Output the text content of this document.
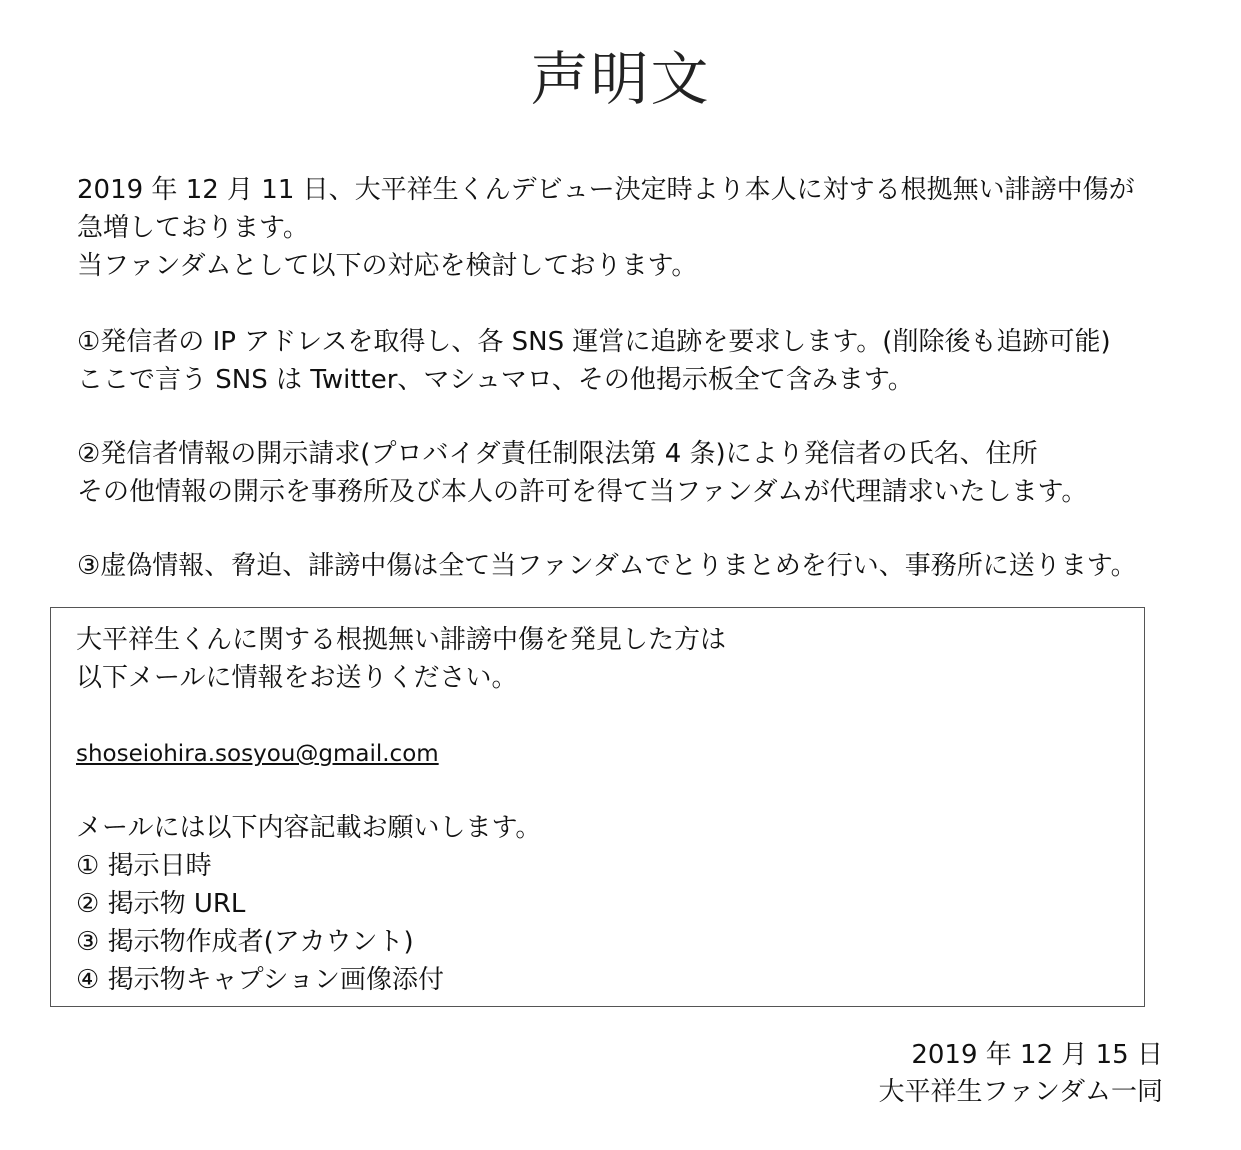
声明文
2019 年 12 月 11 日、大平祥生くんデビュー決定時より本人に対する根拠無い誹謗中傷が
急増しております。
当ファンダムとして以下の対応を検討しております。
①発信者の IP アドレスを取得し、各 SNS 運営に追跡を要求します。(削除後も追跡可能)
ここで言う SNS は Twitter、マシュマロ、その他掲示板全て含みます。
②発信者情報の開示請求(プロバイダ責任制限法第 4 条)により発信者の氏名、住所
その他情報の開示を事務所及び本人の許可を得て当ファンダムが代理請求いたします。
③虚偽情報、脅迫、誹謗中傷は全て当ファンダムでとりまとめを行い、事務所に送ります。
大平祥生くんに関する根拠無い誹謗中傷を発見した方は
以下メールに情報をお送りください。
shoseiohira.sosyou@gmail.com
メールには以下内容記載お願いします。
① 掲示日時
② 掲示物 URL
③ 掲示物作成者(アカウント)
④ 掲示物キャプション画像添付
2019 年 12 月 15 日
大平祥生ファンダム一同
